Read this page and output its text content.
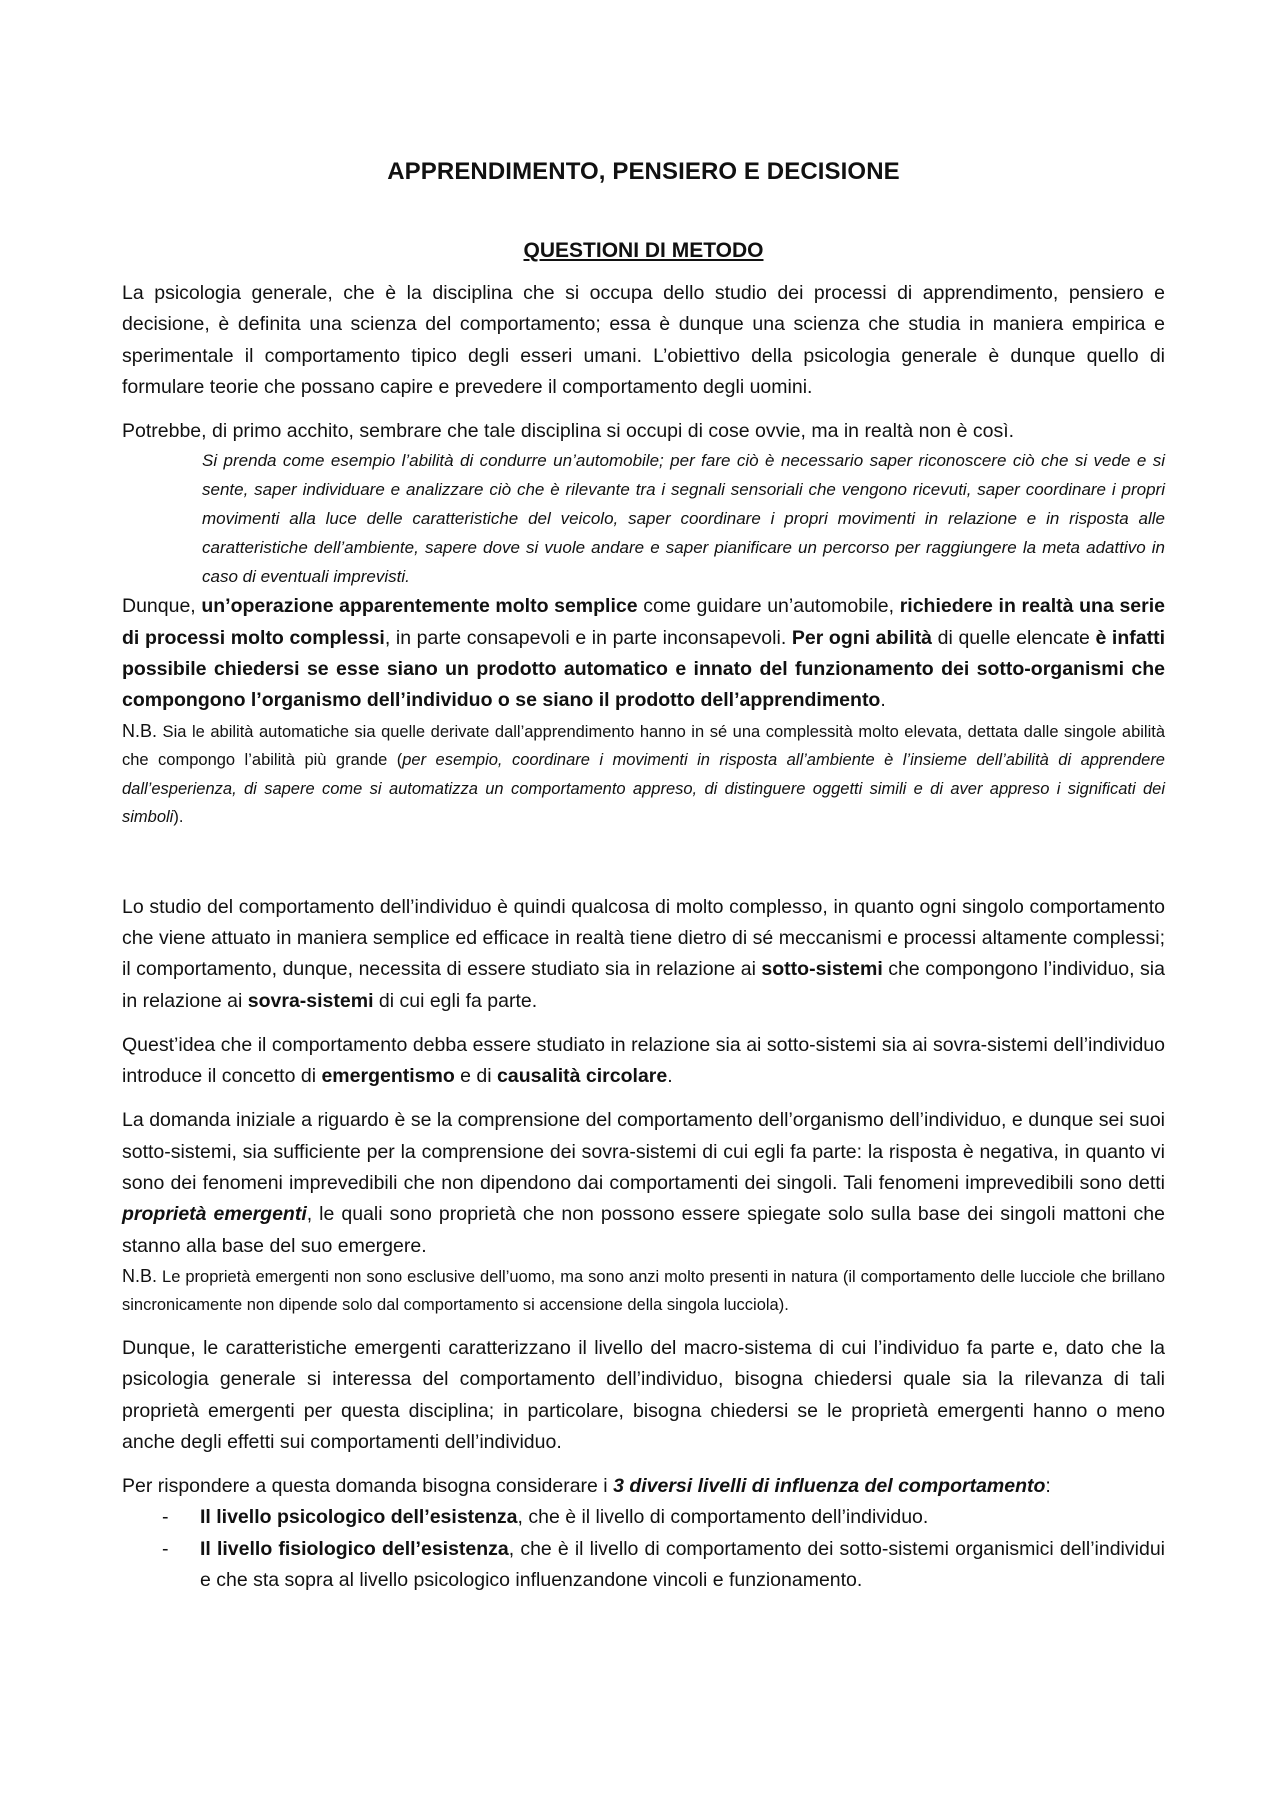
APPRENDIMENTO, PENSIERO E DECISIONE
QUESTIONI DI METODO

La psicologia generale, che è la disciplina che si occupa dello studio dei processi di apprendimento, pensiero e decisione, è definita una scienza del comportamento; essa è dunque una scienza che studia in maniera empirica e sperimentale il comportamento tipico degli esseri umani. L’obiettivo della psicologia generale è dunque quello di formulare teorie che possano capire e prevedere il comportamento degli uomini.

Potrebbe, di primo acchito, sembrare che tale disciplina si occupi di cose ovvie, ma in realtà non è così.

Si prenda come esempio l’abilità di condurre un’automobile; per fare ciò è necessario saper riconoscere ciò che si vede e si sente, saper individuare e analizzare ciò che è rilevante tra i segnali sensoriali che vengono ricevuti, saper coordinare i propri movimenti alla luce delle caratteristiche del veicolo, saper coordinare i propri movimenti in relazione e in risposta alle caratteristiche dell’ambiente, sapere dove si vuole andare e saper pianificare un percorso per raggiungere la meta adattivo in caso di eventuali imprevisti.

Dunque, un’operazione apparentemente molto semplice come guidare un’automobile, richiedere in realtà una serie di processi molto complessi, in parte consapevoli e in parte inconsapevoli. Per ogni abilità di quelle elencate è infatti possibile chiedersi se esse siano un prodotto automatico e innato del funzionamento dei sotto-organismi che compongono l’organismo dell’individuo o se siano il prodotto dell’apprendimento.

N.B. Sia le abilità automatiche sia quelle derivate dall’apprendimento hanno in sé una complessità molto elevata, dettata dalle singole abilità che compongo l’abilità più grande (per esempio, coordinare i movimenti in risposta all’ambiente è l’insieme dell’abilità di apprendere dall’esperienza, di sapere come si automatizza un comportamento appreso, di distinguere oggetti simili e di aver appreso i significati dei simboli).

Lo studio del comportamento dell’individuo è quindi qualcosa di molto complesso, in quanto ogni singolo comportamento che viene attuato in maniera semplice ed efficace in realtà tiene dietro di sé meccanismi e processi altamente complessi; il comportamento, dunque, necessita di essere studiato sia in relazione ai sotto-sistemi che compongono l’individuo, sia in relazione ai sovra-sistemi di cui egli fa parte.

Quest’idea che il comportamento debba essere studiato in relazione sia ai sotto-sistemi sia ai sovra-sistemi dell’individuo introduce il concetto di emergentismo e di causalità circolare.

La domanda iniziale a riguardo è se la comprensione del comportamento dell’organismo dell’individuo, e dunque sei suoi sotto-sistemi, sia sufficiente per la comprensione dei sovra-sistemi di cui egli fa parte: la risposta è negativa, in quanto vi sono dei fenomeni imprevedibili che non dipendono dai comportamenti dei singoli. Tali fenomeni imprevedibili sono detti proprietà emergenti, le quali sono proprietà che non possono essere spiegate solo sulla base dei singoli mattoni che stanno alla base del suo emergere.

N.B. Le proprietà emergenti non sono esclusive dell’uomo, ma sono anzi molto presenti in natura (il comportamento delle lucciole che brillano sincronicamente non dipende solo dal comportamento si accensione della singola lucciola).

Dunque, le caratteristiche emergenti caratterizzano il livello del macro-sistema di cui l’individuo fa parte e, dato che la psicologia generale si interessa del comportamento dell’individuo, bisogna chiedersi quale sia la rilevanza di tali proprietà emergenti per questa disciplina; in particolare, bisogna chiedersi se le proprietà emergenti hanno o meno anche degli effetti sui comportamenti dell’individuo.

Per rispondere a questa domanda bisogna considerare i 3 diversi livelli di influenza del comportamento:

- Il livello psicologico dell’esistenza, che è il livello di comportamento dell’individuo.
- Il livello fisiologico dell’esistenza, che è il livello di comportamento dei sotto-sistemi organismici dell’individui e che sta sopra al livello psicologico influenzandone vincoli e funzionamento.
